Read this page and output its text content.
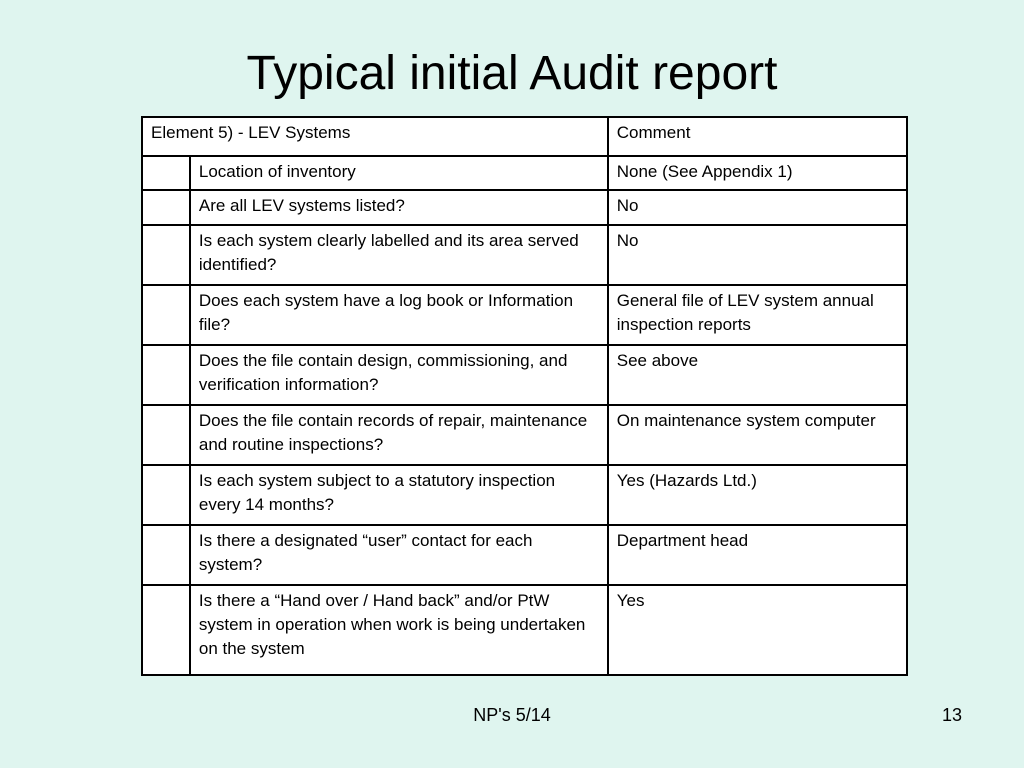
Typical initial Audit report
Element 5) - LEV Systems		Comment
	Location of inventory	None (See Appendix 1)
	Are all LEV systems listed?	No
	Is each system clearly labelled and its area served identified?	No
	Does each system have a log book or Information file?	General file of LEV system annual inspection reports
	Does the file contain design, commissioning, and verification information?	See above
	Does the file contain records of repair, maintenance and routine inspections?	On maintenance system computer
	Is each system subject to a statutory inspection every 14 months?	Yes (Hazards Ltd.)
	Is there a designated “user” contact for each system?	Department head
	Is there a “Hand over / Hand back” and/or PtW system in operation when work is being undertaken on the system	Yes
NP's 5/14	13
